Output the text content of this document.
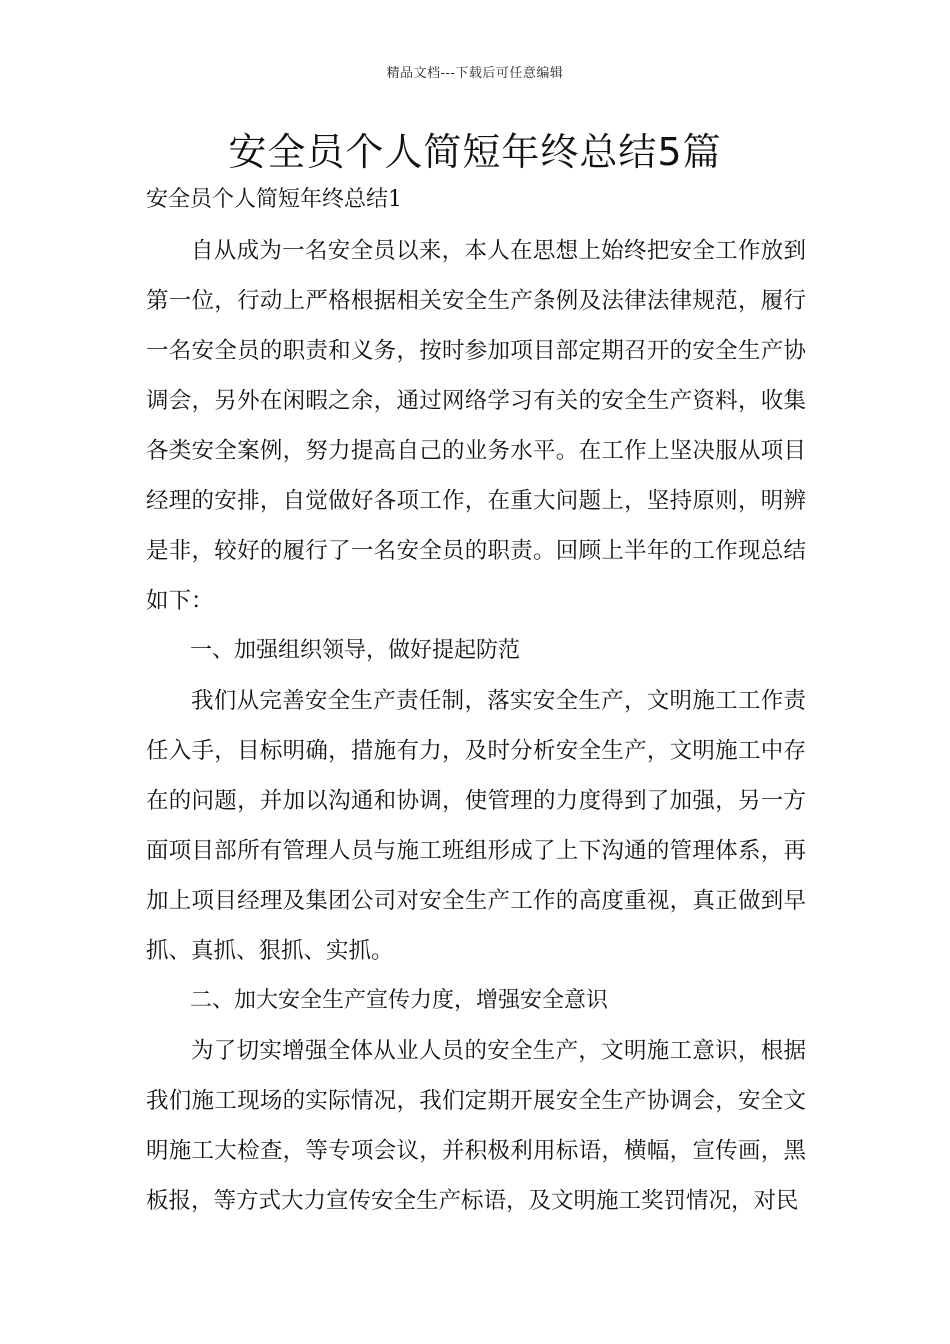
精品文档---下载后可任意编辑
安全员个人简短年终总结5篇
安全员个人简短年终总结1

自从成为一名安全员以来，本人在思想上始终把安全工作放到第一位，行动上严格根据相关安全生产条例及法律法律规范，履行一名安全员的职责和义务，按时参加项目部定期召开的安全生产协调会，另外在闲暇之余，通过网络学习有关的安全生产资料，收集各类安全案例，努力提高自己的业务水平。在工作上坚决服从项目经理的安排，自觉做好各项工作，在重大问题上，坚持原则，明辨是非，较好的履行了一名安全员的职责。回顾上半年的工作现总结如下：

一、加强组织领导，做好提起防范

我们从完善安全生产责任制，落实安全生产，文明施工工作责任入手，目标明确，措施有力，及时分析安全生产，文明施工中存在的问题，并加以沟通和协调，使管理的力度得到了加强，另一方面项目部所有管理人员与施工班组形成了上下沟通的管理体系，再加上项目经理及集团公司对安全生产工作的高度重视，真正做到早抓、真抓、狠抓、实抓。

二、加大安全生产宣传力度，增强安全意识

为了切实增强全体从业人员的安全生产，文明施工意识，根据我们施工现场的实际情况，我们定期开展安全生产协调会，安全文明施工大检查，等专项会议，并积极利用标语，横幅，宣传画，黑板报，等方式大力宣传安全生产标语，及文明施工奖罚情况，对民
